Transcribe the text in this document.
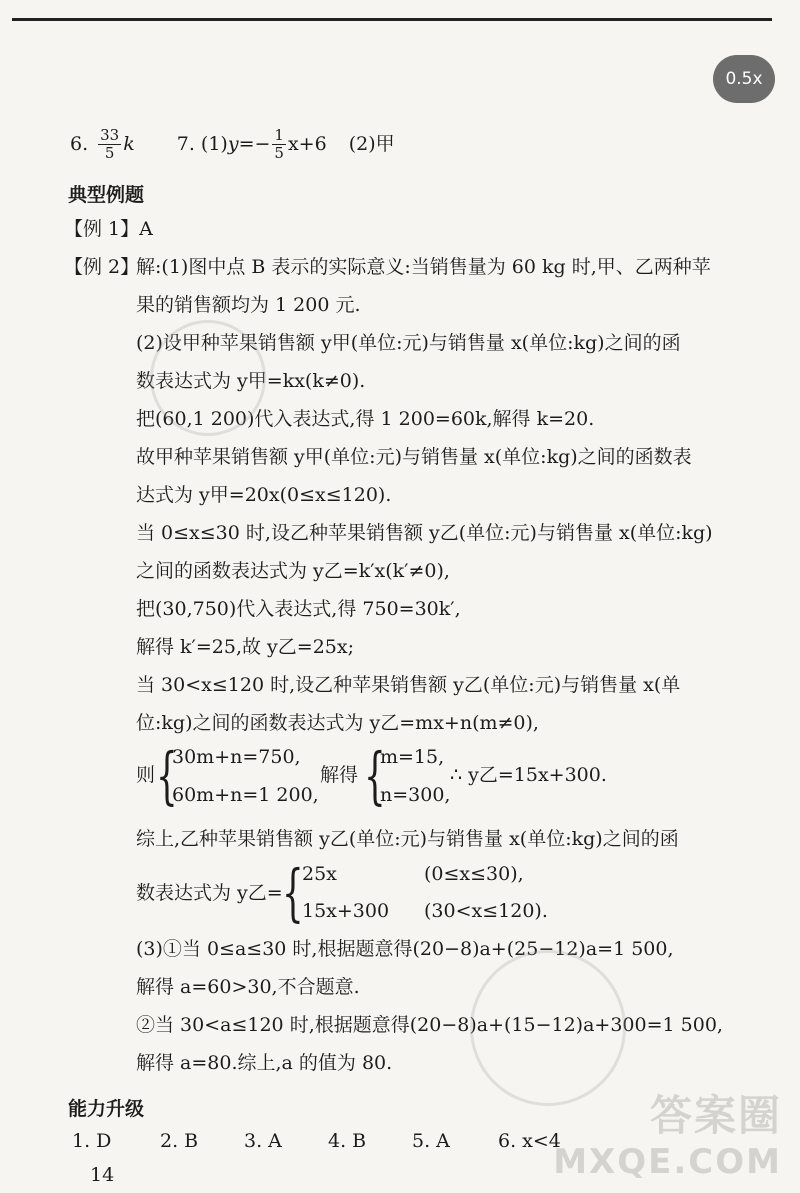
0.5x
6. $\frac{33}{5}$ k 7. (1) $y =- \frac{1}{5} x+6$ (2)甲
典型例题
【例 1】A
【例 2】
解:(1)图中点 B 表示的实际意义:当销售量为 60 kg 时,甲、乙两种苹
果的销售额均为 1 200 元.
(2)设甲种苹果销售额 y甲(单位:元)与销售量 x(单位:kg)之间的函
数表达式为 y甲=kx(k≠0).
把(60,1 200)代入表达式,得 1 200=60k,解得 k=20.
故甲种苹果销售额 y甲(单位:元)与销售量 x(单位:kg)之间的函数表
达式为 y甲=20x(0≤x≤120).
当 0≤x≤30 时,设乙种苹果销售额 y乙(单位:元)与销售量 x(单位:kg)
之间的函数表达式为 y乙=k′x(k′≠0),
把(30,750)代入表达式,得 750=30k′,
解得 k′=25,故 y乙=25x;
当 30<x≤120 时,设乙种苹果销售额 y乙(单位:元)与销售量 x(单
位:kg)之间的函数表达式为 y乙=mx+n(m≠0),
则 {
30m+n=750,
60m+n=1 200,
解得 {
m=15,
n=300,
∴ y乙=15x+300.
综上,乙种苹果销售额 y乙(单位:元)与销售量 x(单位:kg)之间的函
数表达式为 y乙= {
25x	(0≤x≤30),
15x+300 (30<x≤120).
(3)①当 0≤a≤30 时,根据题意得(20−8)a+(25−12)a=1 500,
解得 a=60>30,不合题意.
②当 30<a≤120 时,根据题意得(20−8)a+(15−12)a+300=1 500,
解得 a=80.综上,a 的值为 80.
能力升级
1. D	2. B 3. A 4. B 5. A	6. x<4
14
答案圈
MXQE.COM
